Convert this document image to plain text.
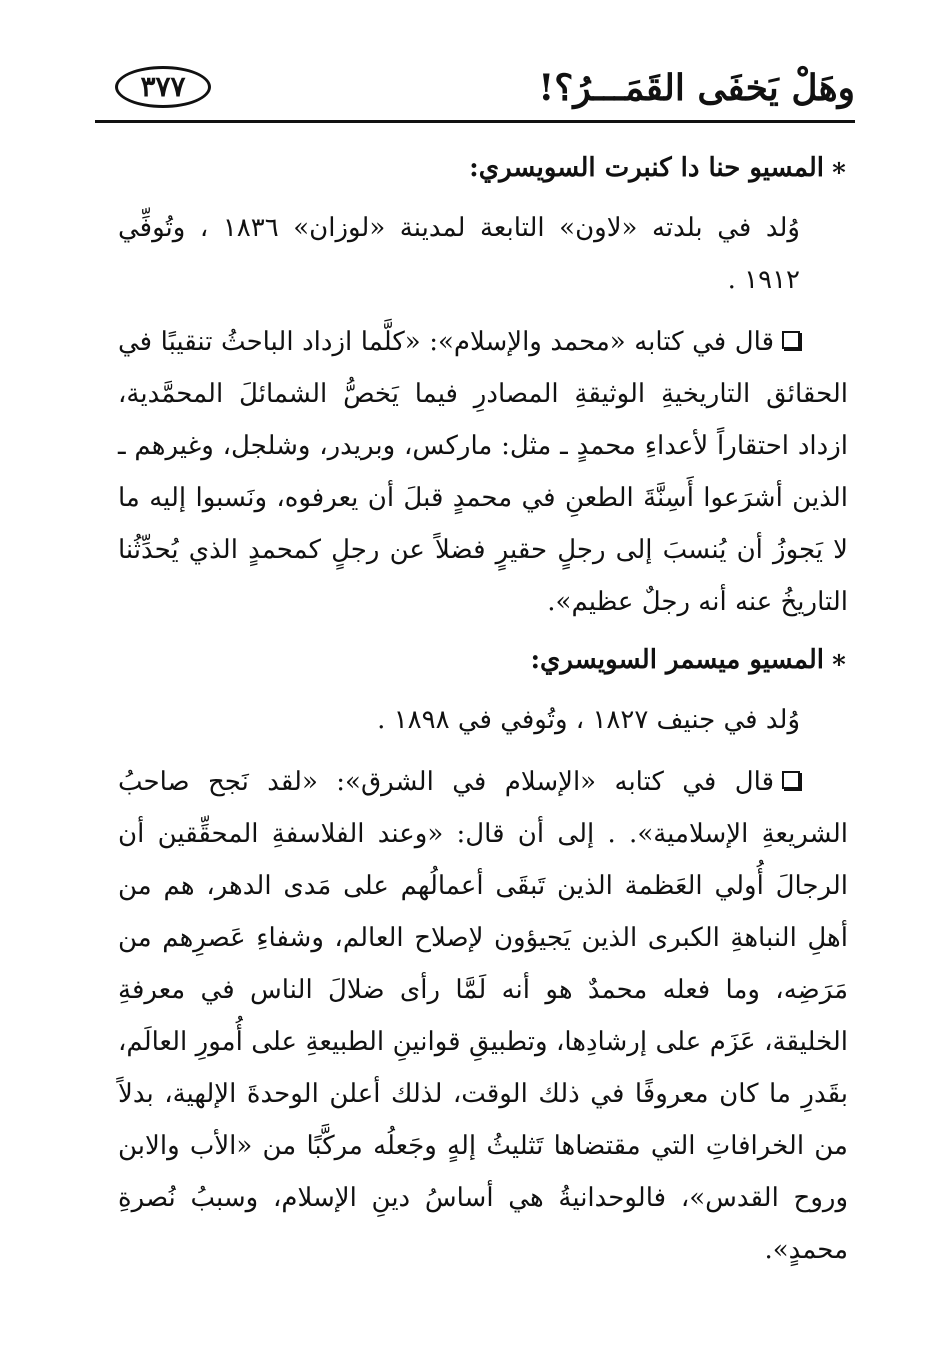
وهَلْ يَخفَى القَمَـــرُ؟!
٣٧٧

∗المسيو حنا دا كنبرت السويسري:

وُلد في بلدته «لاون» التابعة لمدينة «لوزان» ١٨٣٦ ، وتُوفِّي ١٩١٢ .

قال في كتابه «محمد والإسلام»: «كلَّما ازداد الباحثُ تنقيبًا في الحقائق التاريخيةِ الوثيقةِ المصادرِ فيما يَخصُّ الشمائلَ المحمَّدية، ازداد احتقاراً لأعداءِ محمدٍ ـ مثل: ماركس، وبريدر، وشلجل، وغيرهم ـ الذين أشرَعوا أَسِنَّةَ الطعنِ في محمدٍ قبلَ أن يعرفوه، ونَسبوا إليه ما لا يَجوزُ أن يُنسبَ إلى رجلٍ حقيرٍ فضلاً عن رجلٍ كمحمدٍ الذي يُحدِّثُنا التاريخُ عنه أنه رجلٌ عظيم».

∗المسيو ميسمر السويسري:

وُلد في جنيف ١٨٢٧ ، وتُوفي في ١٨٩٨ .

قال في كتابه «الإسلام في الشرق»: «لقد نَجح صاحبُ الشريعةِ الإسلامية». . إلى أن قال: «وعند الفلاسفةِ المحقِّقين أن الرجالَ أُولي العَظمة الذين تَبقَى أعمالُهم على مَدى الدهر، هم من أهلِ النباهةِ الكبرى الذين يَجيؤون لإصلاح العالم، وشفاءِ عَصرِهم من مَرَضِه، وما فعله محمدٌ هو أنه لَمَّا رأى ضلالَ الناس في معرفةِ الخليقة، عَزَم على إرشادِها، وتطبيقِ قوانينِ الطبيعةِ على أُمورِ العالَم، بقَدرِ ما كان معروفًا في ذلك الوقت، لذلك أعلن الوحدةَ الإلهية، بدلاً من الخرافاتِ التي مقتضاها تَثليثُ إلهٍ وجَعلُه مركَّبًا من «الأب والابن وروح القدس»، فالوحدانيةُ هي أساسُ دينِ الإسلام، وسببُ نُصرةِ محمدٍ».
